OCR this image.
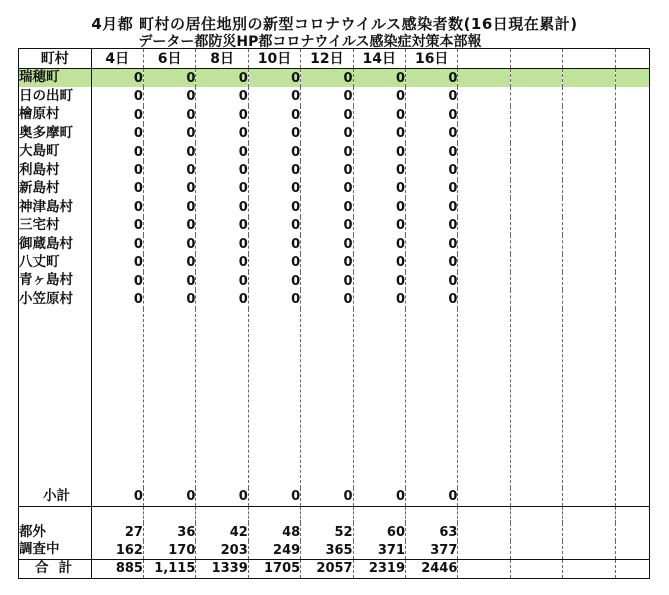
4月都 町村の居住地別の新型コロナウイルス感染者数(16日現在累計)
データー都防災HP都コロナウイルス感染症対策本部報
町村	4日	6日	8日	10日	12日	14日	16日				
瑞穂町	0	0	0	0	0	0	0				
日の出町	0	0	0	0	0	0	0				
檜原村	0	0	0	0	0	0	0				
奥多摩町	0	0	0	0	0	0	0				
大島町	0	0	0	0	0	0	0				
利島村	0	0	0	0	0	0	0				
新島村	0	0	0	0	0	0	0				
神津島村	0	0	0	0	0	0	0				
三宅村	0	0	0	0	0	0	0				
御蔵島村	0	0	0	0	0	0	0				
八丈町	0	0	0	0	0	0	0				
青ヶ島村	0	0	0	0	0	0	0				
小笠原村	0	0	0	0	0	0	0				

小計	0	0	0	0	0	0	0				

都外	27	36	42	48	52	60	63				
調査中	162	170	203	249	365	371	377				
合計	885	1,115	1339	1705	2057	2319	2446				
